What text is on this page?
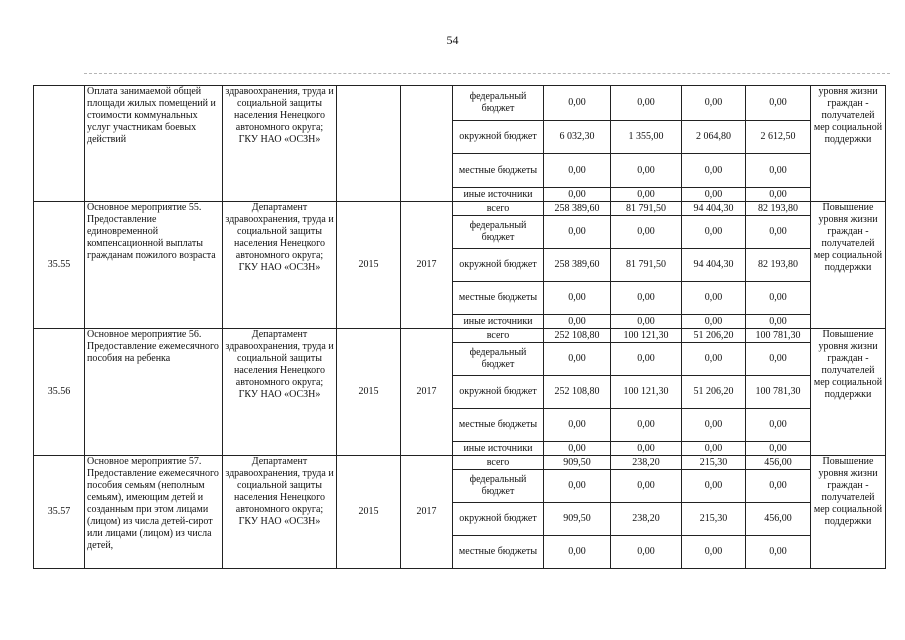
54
	Оплата занимаемой общей площади жилых помещений и стоимости коммунальных услуг участникам боевых действий	здравоохранения, труда и социальной защиты населения Ненецкого автономного округа; ГКУ НАО «ОСЗН»			федеральный бюджет	0,00	0,00	0,00	0,00	уровня жизни граждан - получателей мер социальной поддержки
					окружной бюджет	6 032,30	1 355,00	2 064,80	2 612,50	
					местные бюджеты	0,00	0,00	0,00	0,00	
					иные источники	0,00	0,00	0,00	0,00	
35.55	Основное мероприятие 55. Предоставление единовременной компенсационной выплаты гражданам пожилого возраста	Департамент здравоохранения, труда и социальной защиты населения Ненецкого автономного округа; ГКУ НАО «ОСЗН»	2015	2017	всего	258 389,60	81 791,50	94 404,30	82 193,80	Повышение уровня жизни граждан - получателей мер социальной поддержки
					федеральный бюджет	0,00	0,00	0,00	0,00	
					окружной бюджет	258 389,60	81 791,50	94 404,30	82 193,80	
					местные бюджеты	0,00	0,00	0,00	0,00	
					иные источники	0,00	0,00	0,00	0,00	
35.56	Основное мероприятие 56. Предоставление ежемесячного пособия на ребенка	Департамент здравоохранения, труда и социальной защиты населения Ненецкого автономного округа; ГКУ НАО «ОСЗН»	2015	2017	всего	252 108,80	100 121,30	51 206,20	100 781,30	Повышение уровня жизни граждан - получателей мер социальной поддержки
					федеральный бюджет	0,00	0,00	0,00	0,00	
					окружной бюджет	252 108,80	100 121,30	51 206,20	100 781,30	
					местные бюджеты	0,00	0,00	0,00	0,00	
					иные источники	0,00	0,00	0,00	0,00	
35.57	Основное мероприятие 57. Предоставление ежемесячного пособия семьям (неполным семьям), имеющим детей и созданным при этом лицами (лицом) из числа детей-сирот или лицами (лицом) из числа детей,	Департамент здравоохранения, труда и социальной защиты населения Ненецкого автономного округа; ГКУ НАО «ОСЗН»	2015	2017	всего	909,50	238,20	215,30	456,00	Повышение уровня жизни граждан - получателей мер социальной поддержки
					федеральный бюджет	0,00	0,00	0,00	0,00	
					окружной бюджет	909,50	238,20	215,30	456,00	
					местные бюджеты	0,00	0,00	0,00	0,00	
